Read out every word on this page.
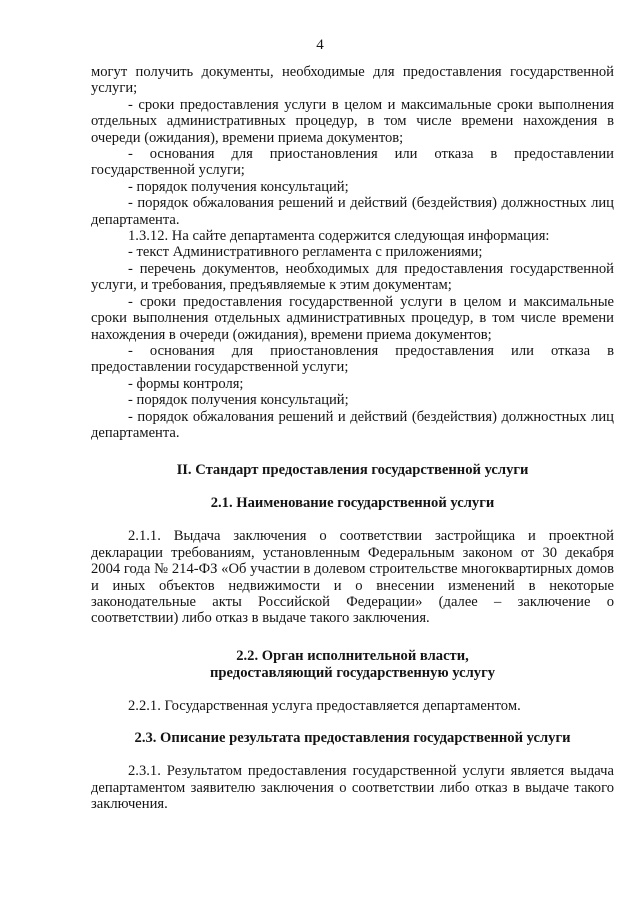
4

могут получить документы, необходимые для предоставления государственной услуги;

- сроки предоставления услуги в целом и максимальные сроки выполнения отдельных административных процедур, в том числе времени нахождения в очереди (ожидания), времени приема документов;

- основания для приостановления или отказа в предоставлении государственной услуги;

- порядок получения консультаций;

- порядок обжалования решений и действий (бездействия) должностных лиц департамента.

1.3.12. На сайте департамента содержится следующая информация:

- текст Административного регламента с приложениями;

- перечень документов, необходимых для предоставления государственной услуги, и требования, предъявляемые к этим документам;

- сроки предоставления государственной услуги в целом и максимальные сроки выполнения отдельных административных процедур, в том числе времени нахождения в очереди (ожидания), времени приема документов;

- основания для приостановления предоставления или отказа в предоставлении государственной услуги;

- формы контроля;

- порядок получения консультаций;

- порядок обжалования решений и действий (бездействия) должностных лиц департамента.

II. Стандарт предоставления государственной услуги

2.1. Наименование государственной услуги

2.1.1. Выдача заключения о соответствии застройщика и проектной декларации требованиям, установленным Федеральным законом от 30 декабря 2004 года № 214-ФЗ «Об участии в долевом строительстве многоквартирных домов и иных объектов недвижимости и о внесении изменений в некоторые законодательные акты Российской Федерации» (далее – заключение о соответствии) либо отказ в выдаче такого заключения.

2.2. Орган исполнительной власти,

предоставляющий государственную услугу

2.2.1. Государственная услуга предоставляется департаментом.

2.3. Описание результата предоставления государственной услуги

2.3.1. Результатом предоставления государственной услуги является выдача департаментом заявителю заключения о соответствии либо отказ в выдаче такого заключения.
